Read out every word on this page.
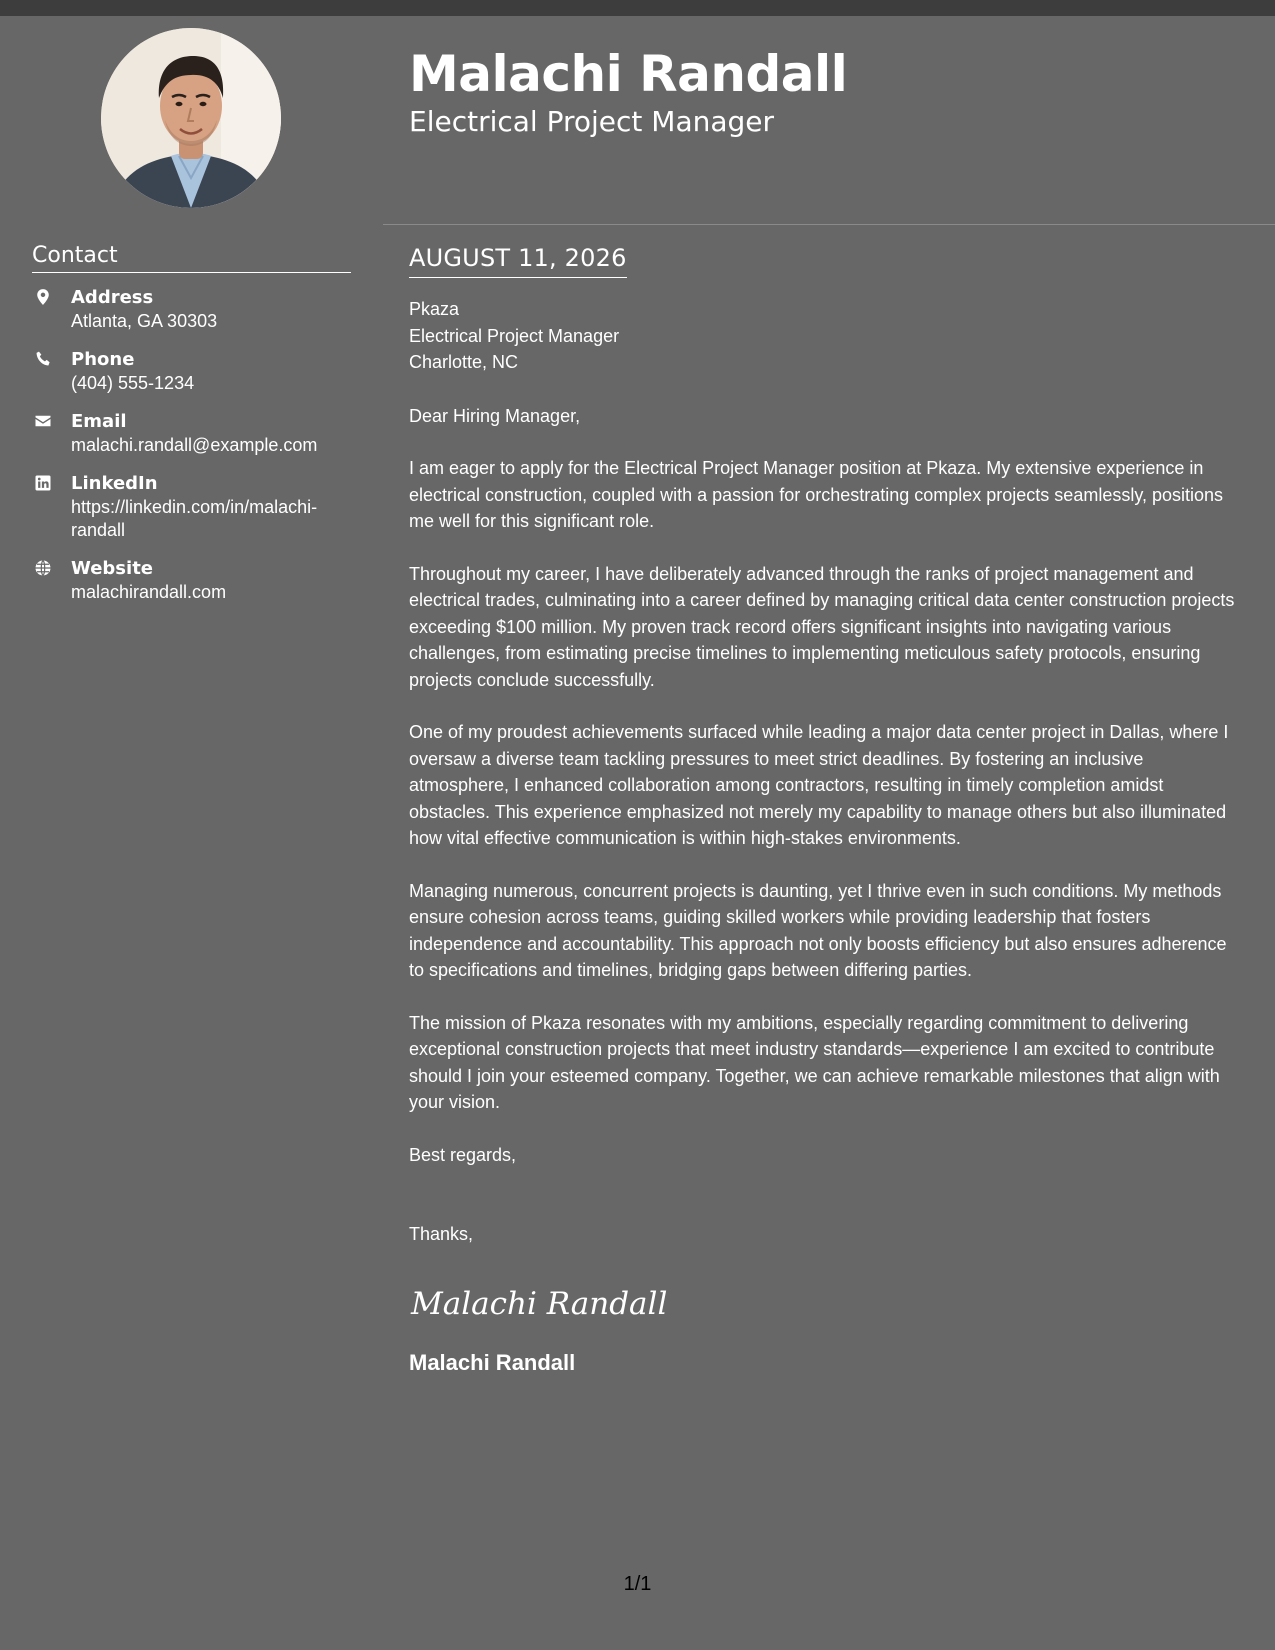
Contact
Address
Atlanta, GA 30303
Phone
(404) 555-1234
Email
malachi.randall@example.com
LinkedIn
https://linkedin.com/in/malachi-randall
Website
malachirandall.com
Malachi Randall
Electrical Project Manager
AUGUST 11, 2026
Pkaza
Electrical Project Manager
Charlotte, NC

Dear Hiring Manager,

I am eager to apply for the Electrical Project Manager position at Pkaza. My extensive experience in electrical construction, coupled with a passion for orchestrating complex projects seamlessly, positions me well for this significant role.

Throughout my career, I have deliberately advanced through the ranks of project management and electrical trades, culminating into a career defined by managing critical data center construction projects exceeding $100 million. My proven track record offers significant insights into navigating various challenges, from estimating precise timelines to implementing meticulous safety protocols, ensuring projects conclude successfully.

One of my proudest achievements surfaced while leading a major data center project in Dallas, where I oversaw a diverse team tackling pressures to meet strict deadlines. By fostering an inclusive atmosphere, I enhanced collaboration among contractors, resulting in timely completion amidst obstacles. This experience emphasized not merely my capability to manage others but also illuminated how vital effective communication is within high-stakes environments.

Managing numerous, concurrent projects is daunting, yet I thrive even in such conditions. My methods ensure cohesion across teams, guiding skilled workers while providing leadership that fosters independence and accountability. This approach not only boosts efficiency but also ensures adherence to specifications and timelines, bridging gaps between differing parties.

The mission of Pkaza resonates with my ambitions, especially regarding commitment to delivering exceptional construction projects that meet industry standards—experience I am excited to contribute should I join your esteemed company. Together, we can achieve remarkable milestones that align with your vision.

Best regards,

Thanks,

Malachi Randall
Malachi Randall
1/1
